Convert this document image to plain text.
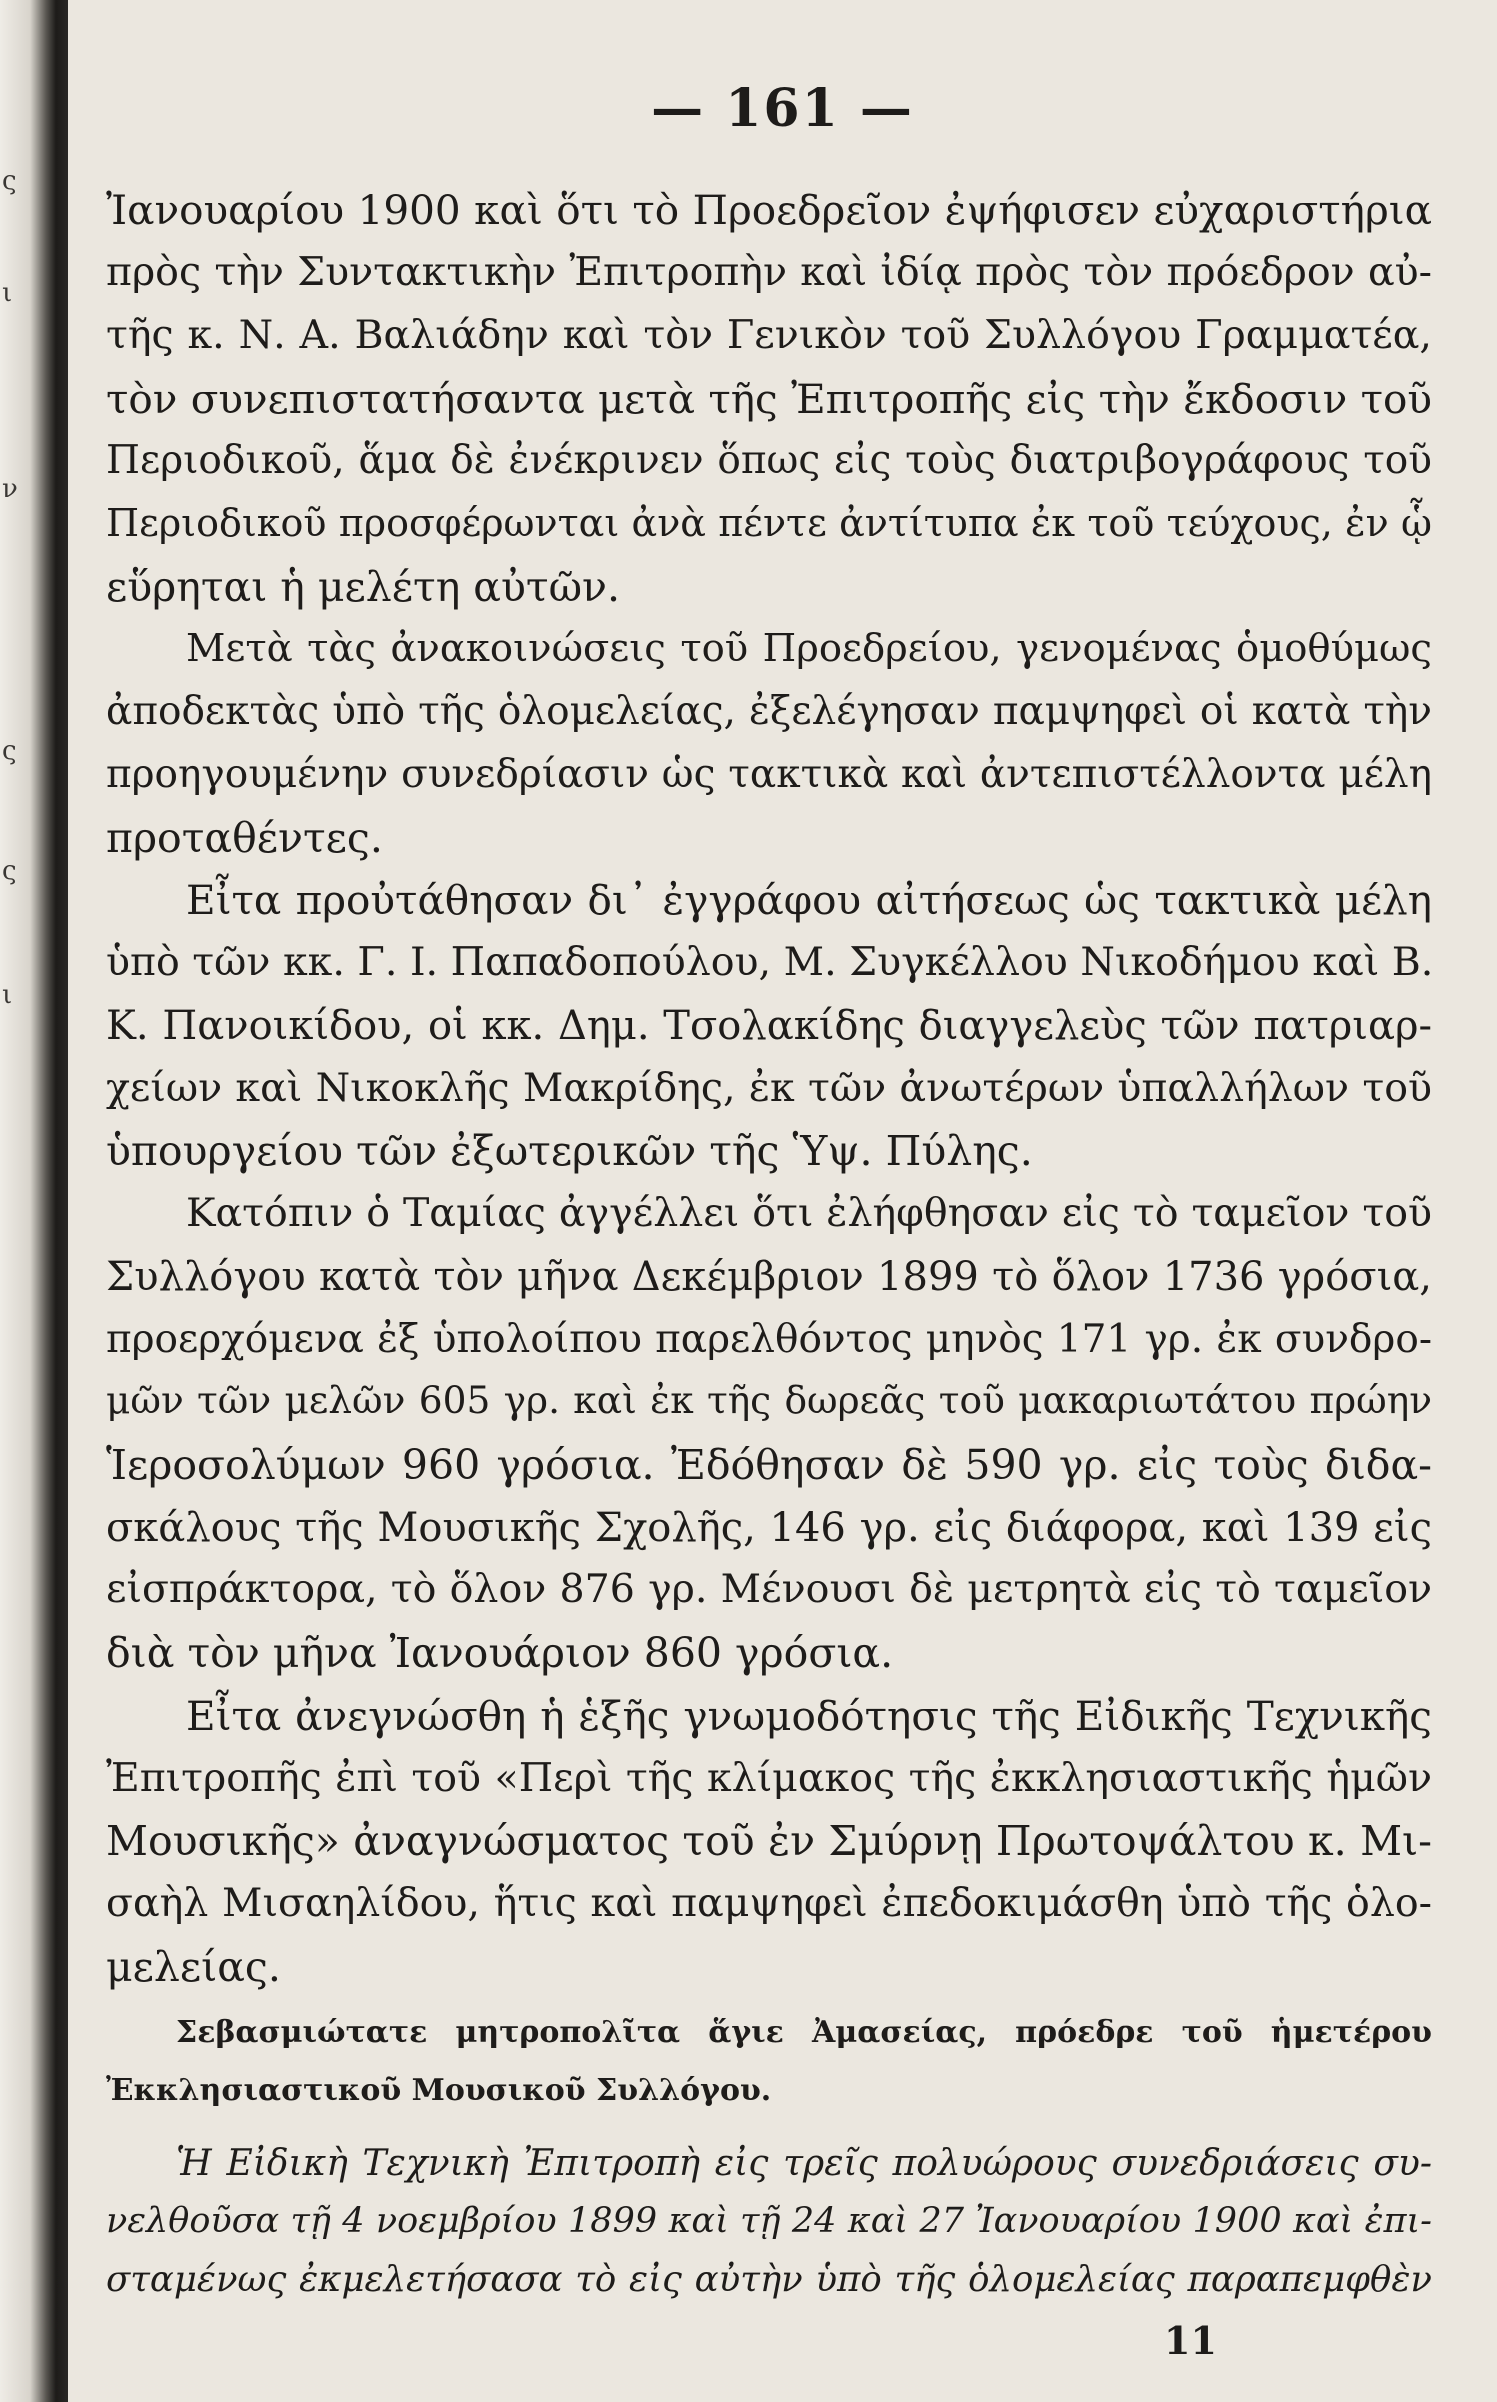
ς
ι
ν
ς
ς
ι
— 161 —

Ἰανουαρίου 1900 καὶ ὅτι τὸ Προεδρεῖον ἐψήφισεν εὐχαριστήρια

πρὸς τὴν Συντακτικὴν Ἐπιτροπὴν καὶ ἰδίᾳ πρὸς τὸν πρόεδρον αὐ-

τῆς κ. Ν. Α. Βαλιάδην καὶ τὸν Γενικὸν τοῦ Συλλόγου Γραμματέα,

τὸν συνεπιστατήσαντα μετὰ τῆς Ἐπιτροπῆς εἰς τὴν ἔκδοσιν τοῦ

Περιοδικοῦ, ἅμα δὲ ἐνέκρινεν ὅπως εἰς τοὺς διατριβογράφους τοῦ

Περιοδικοῦ προσφέρωνται ἀνὰ πέντε ἀντίτυπα ἐκ τοῦ τεύχους, ἐν ᾧ

εὕρηται ἡ μελέτη αὐτῶν.

Μετὰ τὰς ἀνακοινώσεις τοῦ Προεδρείου, γενομένας ὁμοθύμως

ἀποδεκτὰς ὑπὸ τῆς ὁλομελείας, ἐξελέγησαν παμψηφεὶ οἱ κατὰ τὴν

προηγουμένην συνεδρίασιν ὡς τακτικὰ καὶ ἀντεπιστέλλοντα μέλη

προταθέντες.

Εἶτα προὐτάθησαν δι᾽ ἐγγράφου αἰτήσεως ὡς τακτικὰ μέλη

ὑπὸ τῶν κκ. Γ. Ι. Παπαδοπούλου, Μ. Συγκέλλου Νικοδήμου καὶ Β.

Κ. Πανοικίδου, οἱ κκ. Δημ. Τσολακίδης διαγγελεὺς τῶν πατριαρ-

χείων καὶ Νικοκλῆς Μακρίδης, ἐκ τῶν ἀνωτέρων ὑπαλλήλων τοῦ

ὑπουργείου τῶν ἐξωτερικῶν τῆς Ὑψ. Πύλης.

Κατόπιν ὁ Ταμίας ἀγγέλλει ὅτι ἐλήφθησαν εἰς τὸ ταμεῖον τοῦ

Συλλόγου κατὰ τὸν μῆνα Δεκέμβριον 1899 τὸ ὅλον 1736 γρόσια,

προερχόμενα ἐξ ὑπολοίπου παρελθόντος μηνὸς 171 γρ. ἐκ συνδρο-

μῶν τῶν μελῶν 605 γρ. καὶ ἐκ τῆς δωρεᾶς τοῦ μακαριωτάτου πρώην

Ἱεροσολύμων 960 γρόσια. Ἐδόθησαν δὲ 590 γρ. εἰς τοὺς διδα-

σκάλους τῆς Μουσικῆς Σχολῆς, 146 γρ. εἰς διάφορα, καὶ 139 εἰς

εἰσπράκτορα, τὸ ὅλον 876 γρ. Μένουσι δὲ μετρητὰ εἰς τὸ ταμεῖον

διὰ τὸν μῆνα Ἰανουάριον 860 γρόσια.

Εἶτα ἀνεγνώσθη ἡ ἑξῆς γνωμοδότησις τῆς Εἰδικῆς Τεχνικῆς

Ἐπιτροπῆς ἐπὶ τοῦ «Περὶ τῆς κλίμακος τῆς ἐκκλησιαστικῆς ἡμῶν

Μουσικῆς» ἀναγνώσματος τοῦ ἐν Σμύρνῃ Πρωτοψάλτου κ. Μι-

σαὴλ Μισαηλίδου, ἥτις καὶ παμψηφεὶ ἐπεδοκιμάσθη ὑπὸ τῆς ὁλο-

μελείας.

Σεβασμιώτατε μητροπολῖτα ἅγιε Ἀμασείας, πρόεδρε τοῦ ἡμετέρου

Ἐκκλησιαστικοῦ Μουσικοῦ Συλλόγου.

Ἡ Εἰδικὴ Τεχνικὴ Ἐπιτροπὴ εἰς τρεῖς πολυώρους συνεδριάσεις συ-

νελθοῦσα τῇ 4 νοεμβρίου 1899 καὶ τῇ 24 καὶ 27 Ἰανουαρίου 1900 καὶ ἐπι-

σταμένως ἐκμελετήσασα τὸ εἰς αὐτὴν ὑπὸ τῆς ὁλομελείας παραπεμφθὲν

11
